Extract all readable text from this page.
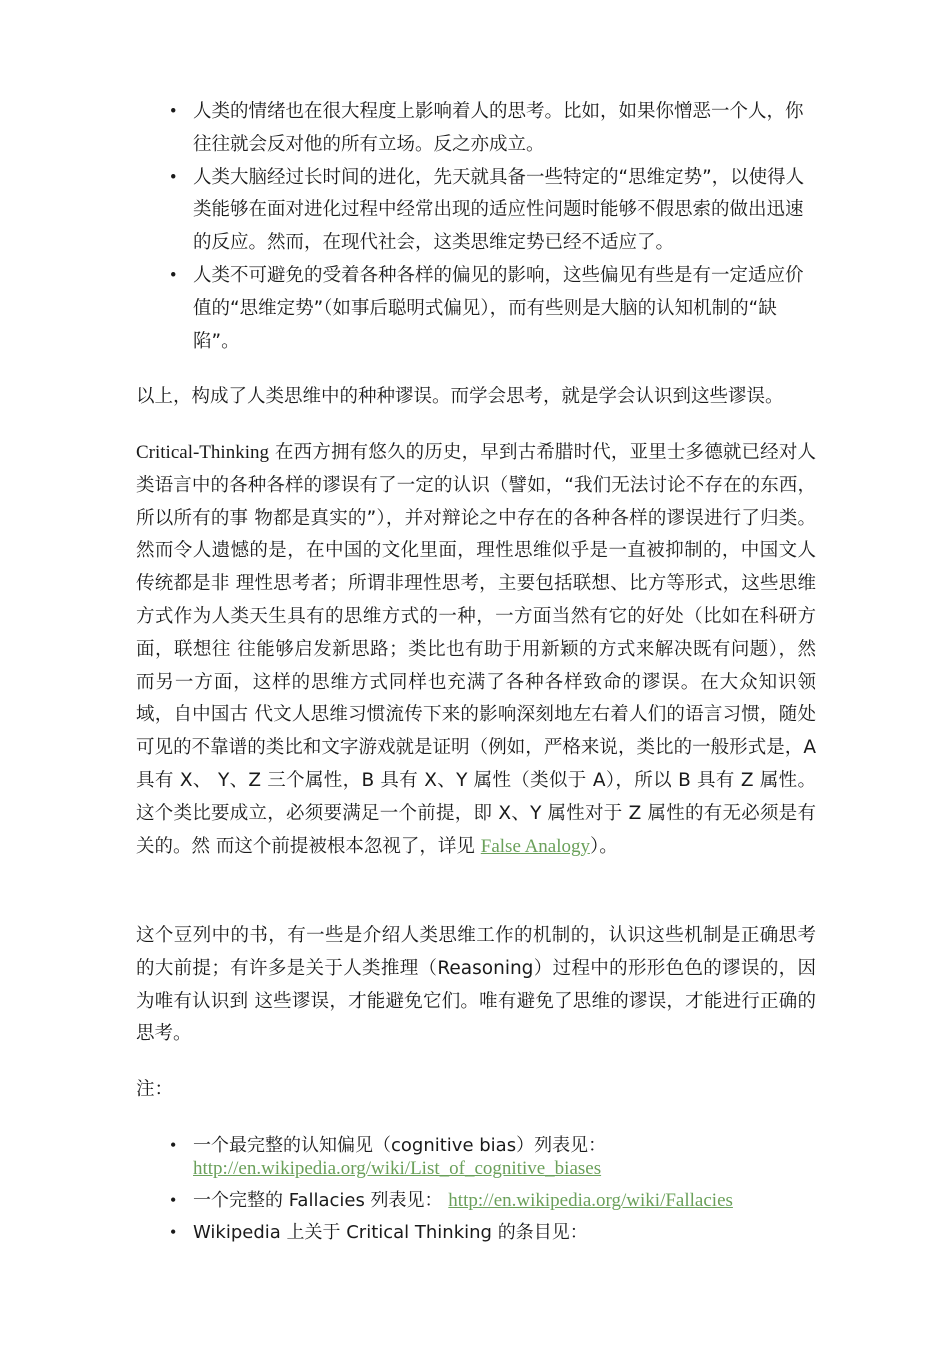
• 人类的情绪也在很大程度上影响着人的思考。比如，如果你憎恶一个人，你往往就会反对他的所有立场。反之亦成立。
• 人类大脑经过长时间的进化，先天就具备一些特定的“思维定势”，以使得人类能够在面对进化过程中经常出现的适应性问题时能够不假思索的做出迅速的反应。然而，在现代社会，这类思维定势已经不适应了。
• 人类不可避免的受着各种各样的偏见的影响，这些偏见有些是有一定适应价值的“思维定势”（如事后聪明式偏见），而有些则是大脑的认知机制的“缺陷”。

以上，构成了人类思维中的种种谬误。而学会思考，就是学会认识到这些谬误。

Critical-Thinking 在西方拥有悠久的历史，早到古希腊时代，亚里士多德就已经对人类语言中的各种各样的谬误有了一定的认识（譬如，“我们无法讨论不存在的东西，所以所有的事 物都是真实的”），并对辩论之中存在的各种各样的谬误进行了归类。然而令人遗憾的是，在中国的文化里面，理性思维似乎是一直被抑制的，中国文人传统都是非 理性思考者；所谓非理性思考，主要包括联想、比方等形式，这些思维方式作为人类天生具有的思维方式的一种，一方面当然有它的好处（比如在科研方面，联想往 往能够启发新思路；类比也有助于用新颖的方式来解决既有问题），然而另一方面，这样的思维方式同样也充满了各种各样致命的谬误。在大众知识领域，自中国古 代文人思维习惯流传下来的影响深刻地左右着人们的语言习惯，随处可见的不靠谱的类比和文字游戏就是证明（例如，严格来说，类比的一般形式是，A 具有 X、 Y、Z 三个属性，B 具有 X、Y 属性（类似于 A），所以 B 具有 Z 属性。这个类比要成立，必须要满足一个前提，即 X、Y 属性对于 Z 属性的有无必须是有关的。然 而这个前提被根本忽视了，详见 False Analogy）。

这个豆列中的书，有一些是介绍人类思维工作的机制的，认识这些机制是正确思考的大前提；有许多是关于人类推理（Reasoning）过程中的形形色色的谬误的，因为唯有认识到 这些谬误，才能避免它们。唯有避免了思维的谬误，才能进行正确的思考。

注：

• 一个最完整的认知偏见（cognitive bias）列表见：
http://en.wikipedia.org/wiki/List_of_cognitive_biases
• 一个完整的 Fallacies 列表见： http://en.wikipedia.org/wiki/Fallacies
• Wikipedia 上关于 Critical Thinking 的条目见：
